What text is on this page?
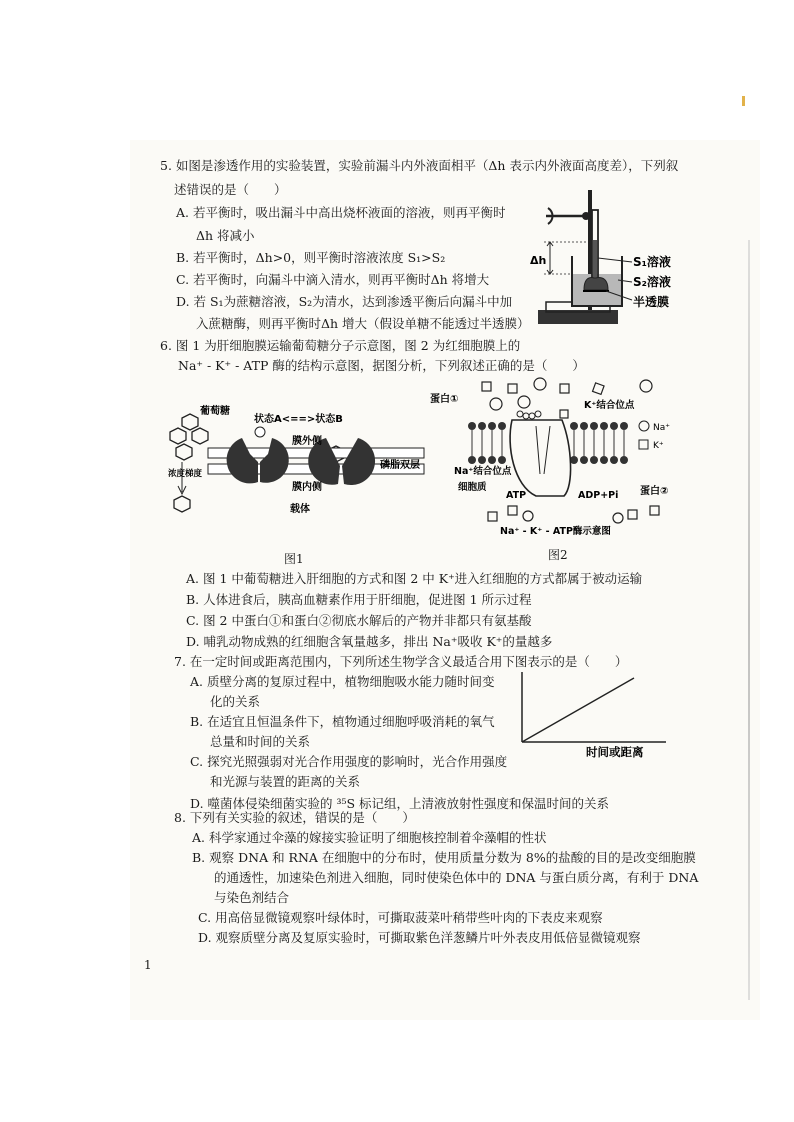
5. 如图是渗透作用的实验装置，实验前漏斗内外液面相平（Δh 表示内外液面高度差），下列叙
述错误的是（　　）
A. 若平衡时，吸出漏斗中高出烧杯液面的溶液，则再平衡时
Δh 将减小
B. 若平衡时，Δh>0，则平衡时溶液浓度 S₁>S₂
C. 若平衡时，向漏斗中滴入清水，则再平衡时Δh 将增大
D. 若 S₁为蔗糖溶液，S₂为清水，达到渗透平衡后向漏斗中加
入蔗糖酶，则再平衡时Δh 增大（假设单糖不能透过半透膜）
Δh	S₁溶液
S₂溶液
半透膜
6. 图 1 为肝细胞膜运输葡萄糖分子示意图，图 2 为红细胞膜上的
Na⁺ - K⁺ - ATP 酶的结构示意图，据图分析，下列叙述正确的是（　　）
葡萄糖
状态A<==>状态B
浓度梯度
膜外侧
膜内侧
载体
磷脂双层
图1
蛋白①
K⁺结合位点
Na⁺
K⁺
Na⁺结合位点
细胞质
ATP	ADP+Pi 蛋白②
Na⁺ - K⁺ - ATP酶示意图
图2
A. 图 1 中葡萄糖进入肝细胞的方式和图 2 中 K⁺进入红细胞的方式都属于被动运输
B. 人体进食后，胰高血糖素作用于肝细胞，促进图 1 所示过程
C. 图 2 中蛋白①和蛋白②彻底水解后的产物并非都只有氨基酸
D. 哺乳动物成熟的红细胞含氧量越多，排出 Na⁺吸收 K⁺的量越多
7. 在一定时间或距离范围内，下列所述生物学含义最适合用下图表示的是（　　）
A. 质壁分离的复原过程中，植物细胞吸水能力随时间变
化的关系
B. 在适宜且恒温条件下，植物通过细胞呼吸消耗的氧气
总量和时间的关系
C. 探究光照强弱对光合作用强度的影响时，光合作用强度
和光源与装置的距离的关系
D. 噬菌体侵染细菌实验的 ³⁵S 标记组，上清液放射性强度和保温时间的关系
时间或距离
8. 下列有关实验的叙述，错误的是（　　）
A. 科学家通过伞藻的嫁接实验证明了细胞核控制着伞藻帽的性状
B. 观察 DNA 和 RNA 在细胞中的分布时，使用质量分数为 8%的盐酸的目的是改变细胞膜
的通透性，加速染色剂进入细胞，同时使染色体中的 DNA 与蛋白质分离，有利于 DNA
与染色剂结合
C. 用高倍显微镜观察叶绿体时，可撕取菠菜叶稍带些叶肉的下表皮来观察
D. 观察质壁分离及复原实验时，可撕取紫色洋葱鳞片叶外表皮用低倍显微镜观察
1
